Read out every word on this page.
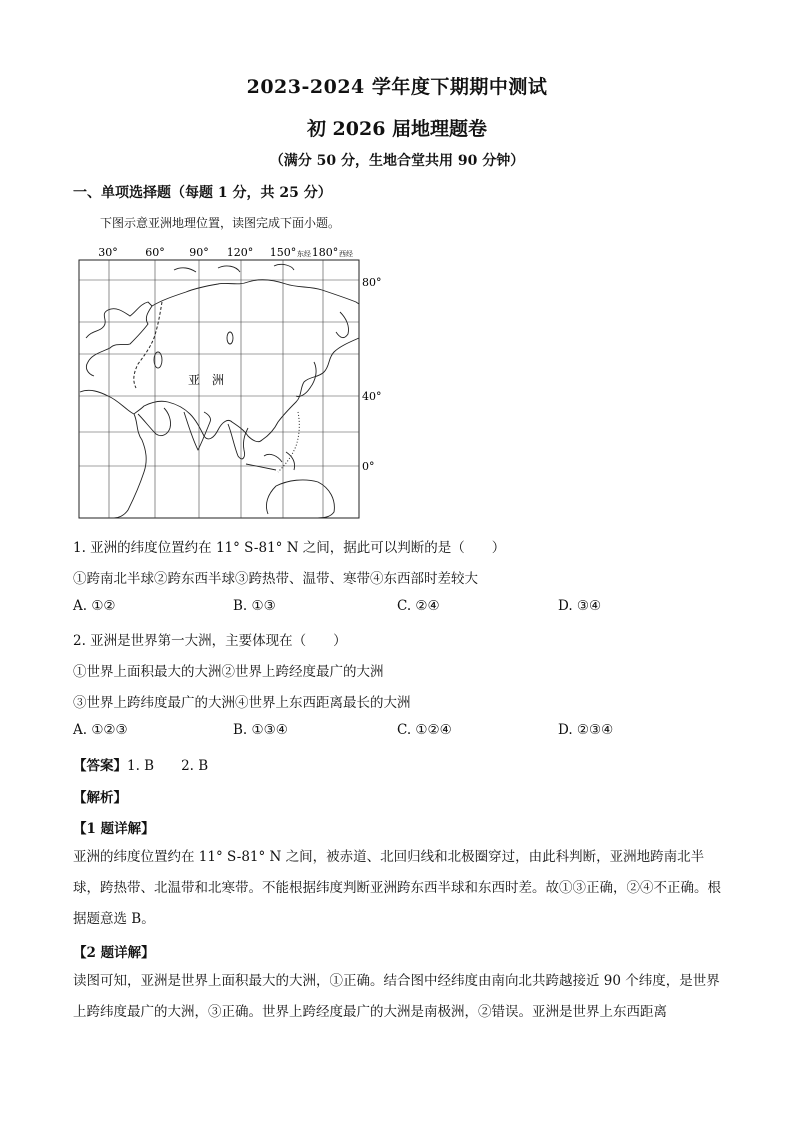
2023-2024 学年度下期期中测试
初 2026 届地理题卷
（满分 50 分，生地合堂共用 90 分钟）
一、单项选择题（每题 1 分，共 25 分）
下图示意亚洲地理位置，读图完成下面小题。
30°	60° 90° 120° 150° 东经 180° 西经
80°
40°
0°
亚　洲
1. 亚洲的纬度位置约在 11° S-81° N 之间，据此可以判断的是（　　）
①跨南北半球②跨东西半球③跨热带、温带、寒带④东西部时差较大
A. ①②	B. ①③	C. ②④	D. ③④
2. 亚洲是世界第一大洲，主要体现在（　　）
①世界上面积最大的大洲②世界上跨经度最广的大洲
③世界上跨纬度最广的大洲④世界上东西距离最长的大洲
A. ①②③	B. ①③④	C. ①②④	D. ②③④
【答案】1. B　　2. B
【解析】
【1 题详解】
亚洲的纬度位置约在 11° S-81° N 之间，被赤道、北回归线和北极圈穿过，由此科判断，亚洲地跨南北半球，跨热带、北温带和北寒带。不能根据纬度判断亚洲跨东西半球和东西时差。故①③正确，②④不正确。根据题意选 B。
【2 题详解】
读图可知，亚洲是世界上面积最大的大洲，①正确。结合图中经纬度由南向北共跨越接近 90 个纬度，是世界上跨纬度最广的大洲，③正确。世界上跨经度最广的大洲是南极洲，②错误。亚洲是世界上东西距离
